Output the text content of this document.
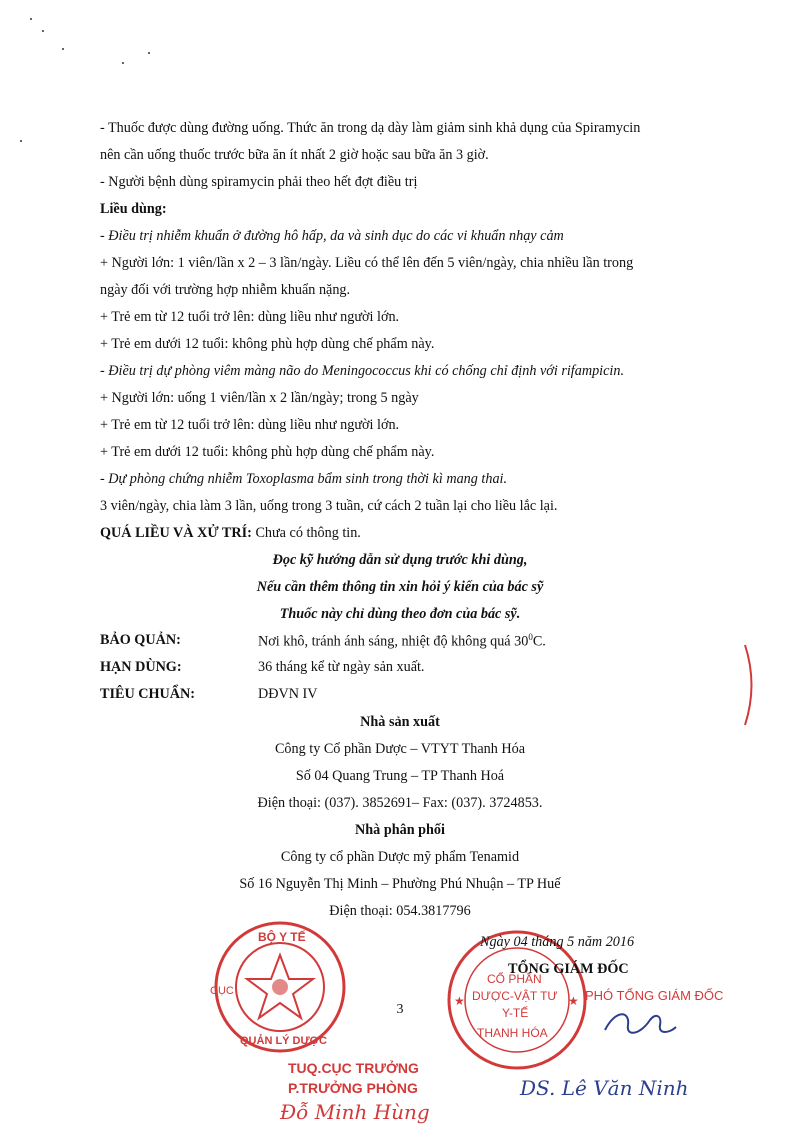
- Thuốc được dùng đường uống. Thức ăn trong dạ dày làm giảm sinh khả dụng của Spiramycin
nên cần uống thuốc trước bữa ăn ít nhất 2 giờ hoặc sau bữa ăn 3 giờ.
- Người bệnh dùng spiramycin phải theo hết đợt điều trị
Liều dùng:
- Điều trị nhiễm khuẩn ở đường hô hấp, da và sinh dục do các vi khuẩn nhạy cảm
+ Người lớn: 1 viên/lần x 2 – 3 lần/ngày. Liều có thể lên đến 5 viên/ngày, chia nhiều lần trong
ngày đối với trường hợp nhiễm khuẩn nặng.
+ Trẻ em từ 12 tuổi trở lên: dùng liều như người lớn.
+ Trẻ em dưới 12 tuổi: không phù hợp dùng chế phẩm này.
- Điều trị dự phòng viêm màng não do Meningococcus khi có chống chỉ định với rifampicin.
+ Người lớn: uống 1 viên/lần x 2 lần/ngày; trong 5 ngày
+ Trẻ em từ 12 tuổi trở lên: dùng liều như người lớn.
+ Trẻ em dưới 12 tuổi: không phù hợp dùng chế phẩm này.
- Dự phòng chứng nhiễm Toxoplasma bẩm sinh trong thời kì mang thai.
3 viên/ngày, chia làm 3 lần, uống trong 3 tuần, cứ cách 2 tuần lại cho liều lắc lại.
QUÁ LIỀU VÀ XỬ TRÍ: Chưa có thông tin.
Đọc kỹ hướng dẫn sử dụng trước khi dùng,
Nếu cần thêm thông tin xin hỏi ý kiến của bác sỹ
Thuốc này chỉ dùng theo đơn của bác sỹ.
BẢO QUẢN:	Nơi khô, tránh ánh sáng, nhiệt độ không quá $30^0C$.
HẠN DÙNG:	36 tháng kể từ ngày sản xuất.
TIÊU CHUẨN:	DĐVN IV
Nhà sản xuất
Công ty Cổ phần Dược – VTYT Thanh Hóa
Số 04 Quang Trung – TP Thanh Hoá
Điện thoại: (037). 3852691– Fax: (037). 3724853.
Nhà phân phối
Công ty cổ phần Dược mỹ phẩm Tenamid
Số 16 Nguyễn Thị Minh – Phường Phú Nhuận – TP Huế
Điện thoại: 054.3817796
BỘ Y TẾ
CỤC
QUẢN LÝ DƯỢC
★	★
CỔ PHẦN
DƯỢC-VẬT TƯ
Y-TẾ
THANH HÓA
Ngày 04 tháng 5 năm 2016
TỔNG GIÁM ĐỐC
PHÓ TỔNG GIÁM ĐỐC
DS. Lê Văn Ninh
3
TUQ.CỤC TRƯỞNG
P.TRƯỞNG PHÒNG
Đỗ Minh Hùng
